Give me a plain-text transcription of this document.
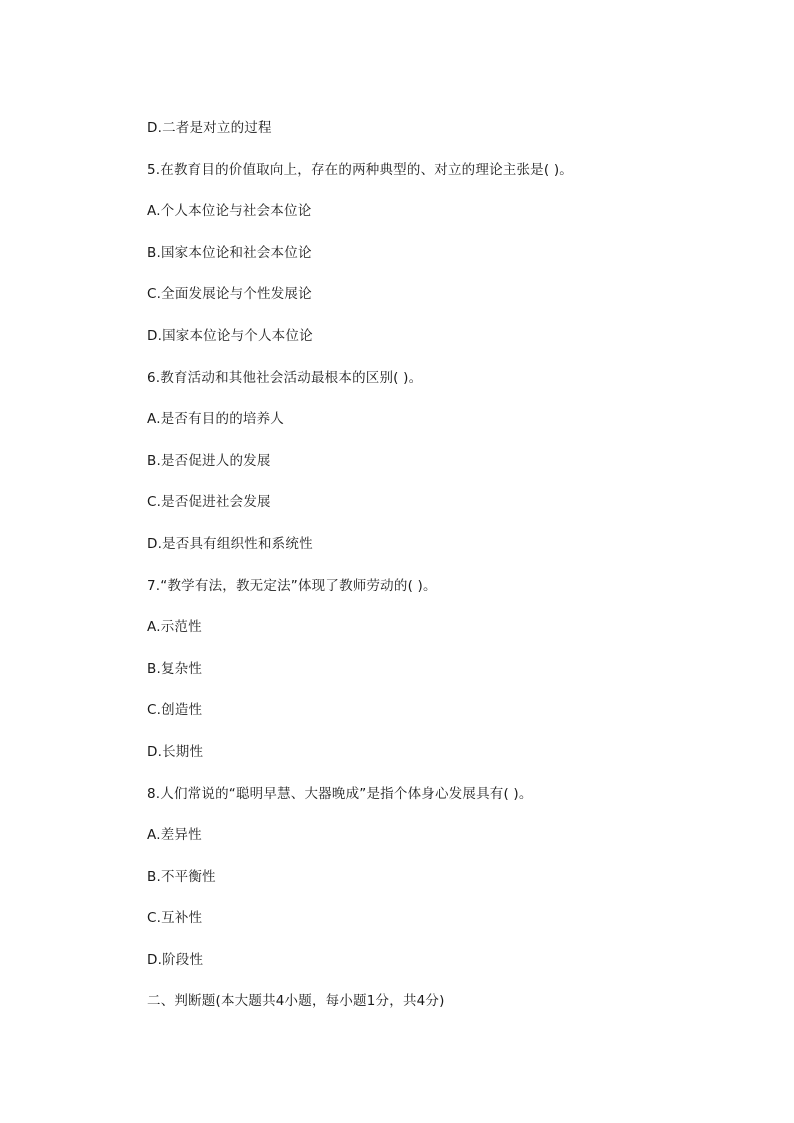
D.二者是对立的过程
5.在教育目的价值取向上，存在的两种典型的、对立的理论主张是( )。
A.个人本位论与社会本位论
B.国家本位论和社会本位论
C.全面发展论与个性发展论
D.国家本位论与个人本位论
6.教育活动和其他社会活动最根本的区别( )。
A.是否有目的的培养人
B.是否促进人的发展
C.是否促进社会发展
D.是否具有组织性和系统性
7.“教学有法，教无定法”体现了教师劳动的( )。
A.示范性
B.复杂性
C.创造性
D.长期性
8.人们常说的“聪明早慧、大器晚成”是指个体身心发展具有( )。
A.差异性
B.不平衡性
C.互补性
D.阶段性
二、判断题(本大题共4小题，每小题1分，共4分)
